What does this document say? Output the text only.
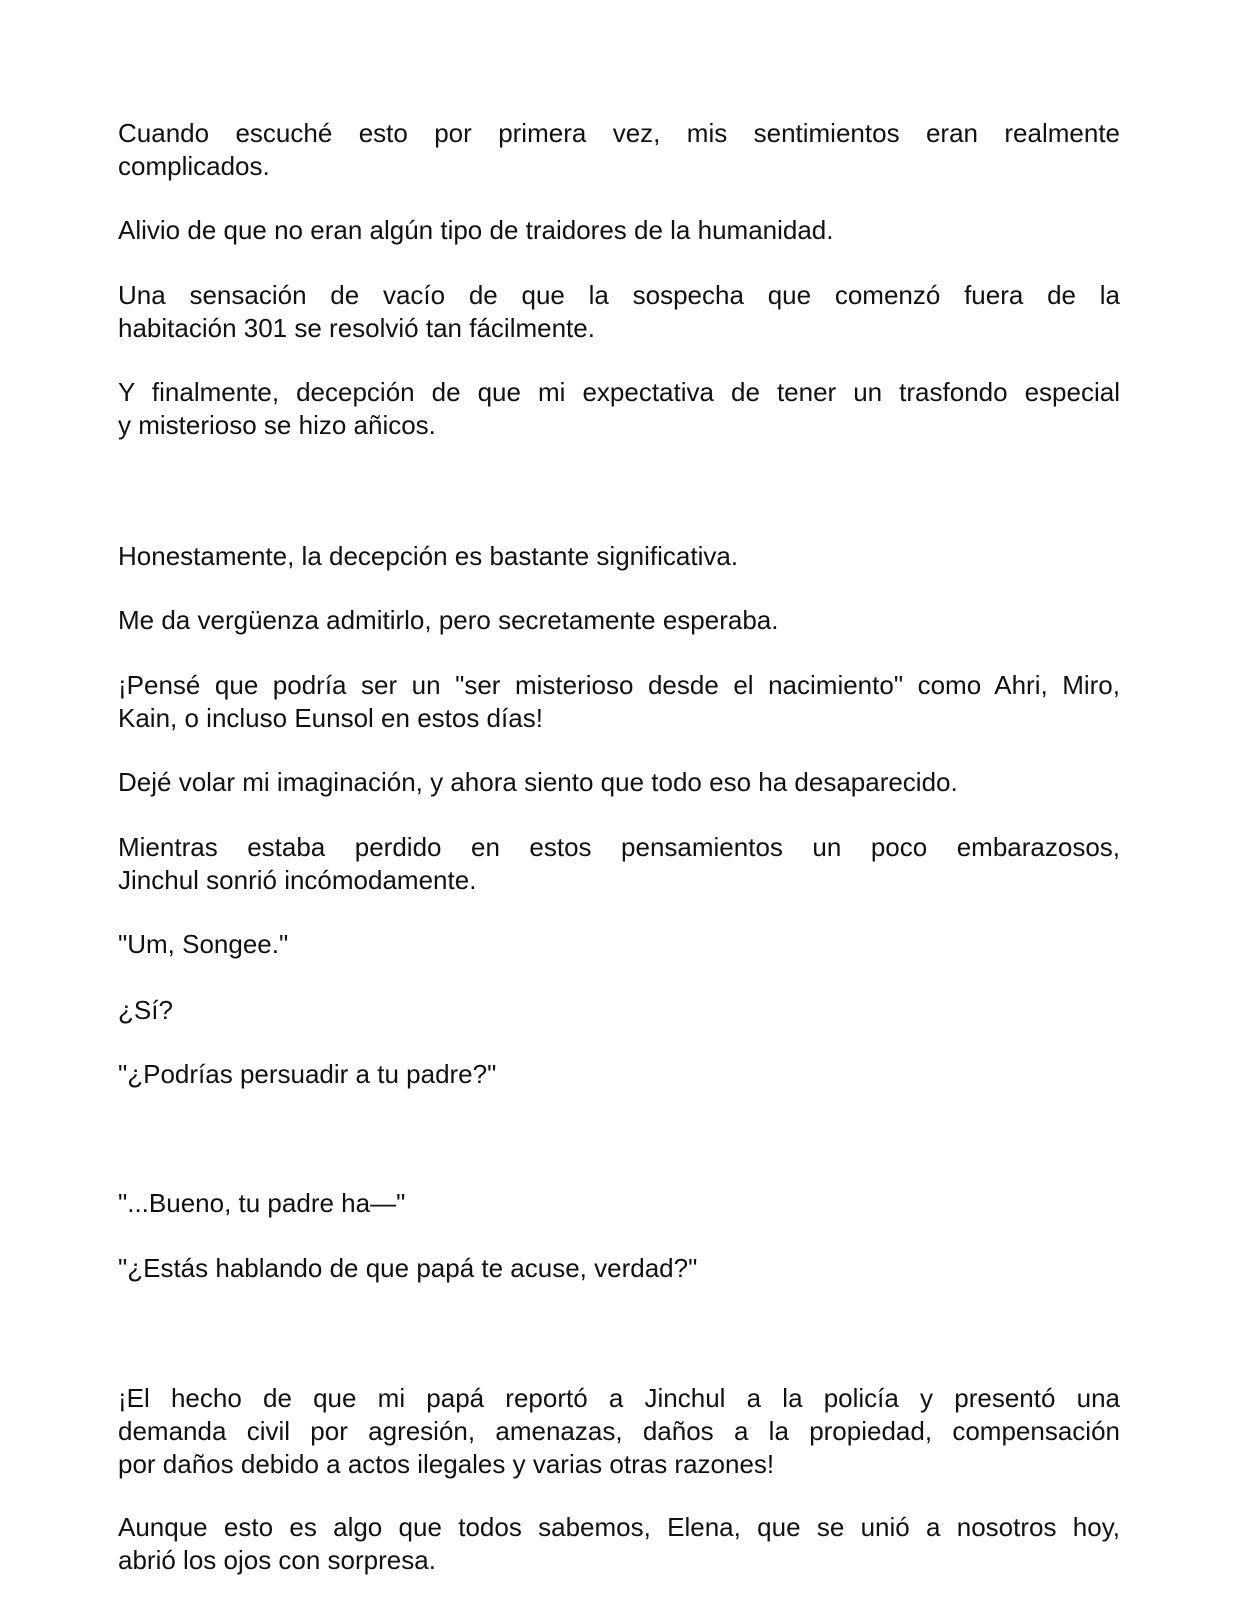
Cuando escuché esto por primera vez, mis sentimientos eran realmente
complicados.
Alivio de que no eran algún tipo de traidores de la humanidad.
Una sensación de vacío de que la sospecha que comenzó fuera de la
habitación 301 se resolvió tan fácilmente.
Y finalmente, decepción de que mi expectativa de tener un trasfondo especial
y misterioso se hizo añicos.
Honestamente, la decepción es bastante significativa.
Me da vergüenza admitirlo, pero secretamente esperaba.
¡Pensé que podría ser un "ser misterioso desde el nacimiento" como Ahri, Miro,
Kain, o incluso Eunsol en estos días!
Dejé volar mi imaginación, y ahora siento que todo eso ha desaparecido.
Mientras estaba perdido en estos pensamientos un poco embarazosos,
Jinchul sonrió incómodamente.
"Um, Songee."
¿Sí?
"¿Podrías persuadir a tu padre?"
"...Bueno, tu padre ha—"
"¿Estás hablando de que papá te acuse, verdad?"
¡El hecho de que mi papá reportó a Jinchul a la policía y presentó una
demanda civil por agresión, amenazas, daños a la propiedad, compensación
por daños debido a actos ilegales y varias otras razones!
Aunque esto es algo que todos sabemos, Elena, que se unió a nosotros hoy,
abrió los ojos con sorpresa.
